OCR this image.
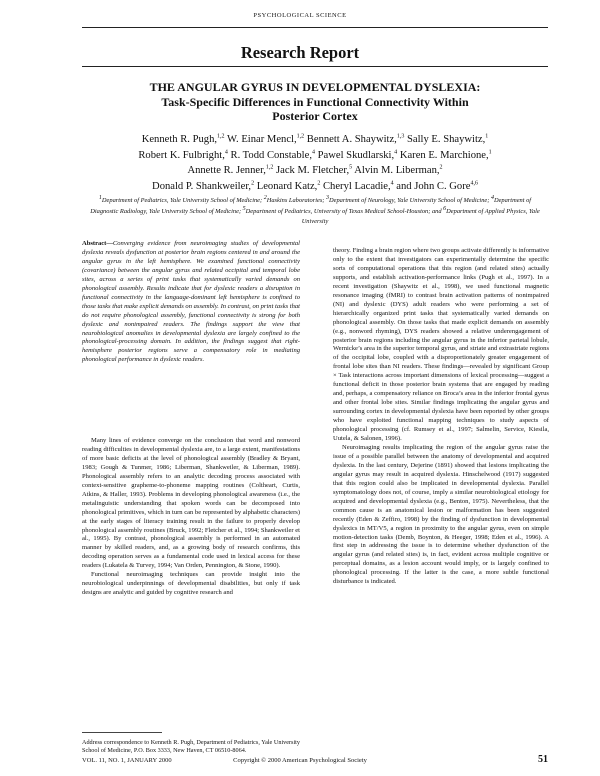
PSYCHOLOGICAL SCIENCE
Research Report
THE ANGULAR GYRUS IN DEVELOPMENTAL DYSLEXIA:
Task-Specific Differences in Functional Connectivity Within
Posterior Cortex
Kenneth R. Pugh,$^{1,2}$ W. Einar Mencl,$^{1,2}$ Bennett A. Shaywitz,$^{1,3}$ Sally E. Shaywitz,$^1$
Robert K. Fulbright,$^4$ R. Todd Constable,$^4$ Pawel Skudlarski,$^4$ Karen E. Marchione,$^1$
Annette R. Jenner,$^{1,2}$ Jack M. Fletcher,$^5$ Alvin M. Liberman,$^2$
Donald P. Shankweiler,$^2$ Leonard Katz,$^2$ Cheryl Lacadie,$^4$ and John C. Gore$^{4,6}$
$^1$Department of Pediatrics, Yale University School of Medicine; $^2$Haskins Laboratories; $^3$Department of Neurology, Yale University School of Medicine; $^4$Department of Diagnostic Radiology, Yale University School of Medicine; $^5$Department of Pediatrics, University of Texas Medical School-Houston; and $^6$Department of Applied Physics, Yale University

Abstract—Converging evidence from neuroimaging studies of developmental dyslexia reveals dysfunction at posterior brain regions centered in and around the angular gyrus in the left hemisphere. We examined functional connectivity (covariance) between the angular gyrus and related occipital and temporal lobe sites, across a series of print tasks that systematically varied demands on phonological assembly. Results indicate that for dyslexic readers a disruption in functional connectivity in the language-dominant left hemisphere is confined to those tasks that make explicit demands on assembly. In contrast, on print tasks that do not require phonological assembly, functional connectivity is strong for both dyslexic and nonimpaired readers. The findings support the view that neurobiological anomalies in developmental dyslexia are largely confined to the phonological-processing domain. In addition, the findings suggest that right-hemisphere posterior regions serve a compensatory role in mediating phonological performance in dyslexic readers.

Many lines of evidence converge on the conclusion that word and nonword reading difficulties in developmental dyslexia are, to a large extent, manifestations of more basic deficits at the level of phonological assembly (Bradley & Bryant, 1983; Gough & Tunmer, 1986; Liberman, Shankweiler, & Liberman, 1989). Phonological assembly refers to an analytic decoding process associated with context-sensitive grapheme-to-phoneme mapping routines (Coltheart, Curtis, Atkins, & Haller, 1993). Problems in developing phonological awareness (i.e., the metalinguistic understanding that spoken words can be decomposed into phonological primitives, which in turn can be represented by alphabetic characters) at the early stages of literacy training result in the failure to properly develop phonological assembly routines (Bruck, 1992; Fletcher et al., 1994; Shankweiler et al., 1995). By contrast, phonological assembly is performed in an automated manner by skilled readers, and, as a growing body of research confirms, this decoding operation serves as a fundamental code used in lexical access for these readers (Lukatela & Turvey, 1994; Van Orden, Pennington, & Stone, 1990).

Functional neuroimaging techniques can provide insight into the neurobiological underpinnings of developmental disabilities, but only if task designs are analytic and guided by cognitive research and

Address correspondence to Kenneth R. Pugh, Department of Pediatrics, Yale University School of Medicine, P.O. Box 3333, New Haven, CT 06510-8064.

theory. Finding a brain region where two groups activate differently is informative only to the extent that investigators can experimentally determine the specific sorts of computational operations that this region (and related sites) actually supports, and establish activation-performance links (Pugh et al., 1997). In a recent investigation (Shaywitz et al., 1998), we used functional magnetic resonance imaging (fMRI) to contrast brain activation patterns of nonimpaired (NI) and dyslexic (DYS) adult readers who were performing a set of hierarchically organized print tasks that systematically varied demands on phonological assembly. On those tasks that made explicit demands on assembly (e.g., nonword rhyming), DYS readers showed a relative underengagement of posterior brain regions including the angular gyrus in the inferior parietal lobule, Wernicke’s area in the superior temporal gyrus, and striate and extrastriate regions of the occipital lobe, coupled with a disproportionately greater engagement of frontal lobe sites than NI readers. These findings—revealed by significant Group × Task interactions across important dimensions of lexical processing—suggest a functional deficit in those posterior brain systems that are engaged by reading and, perhaps, a compensatory reliance on Broca’s area in the inferior frontal gyrus and other frontal lobe sites. Similar findings implicating the angular gyrus and surrounding cortex in developmental dyslexia have been reported by other groups who have exploited functional mapping techniques to study aspects of phonological processing (cf. Rumsey et al., 1997; Salmelin, Service, Kiesila, Uutela, & Salonen, 1996).

Neuroimaging results implicating the region of the angular gyrus raise the issue of a possible parallel between the anatomy of developmental and acquired dyslexia. In the last century, Dejerine (1891) showed that lesions implicating the angular gyrus may result in acquired dyslexia. Hinschelwood (1917) suggested that this region could also be implicated in developmental dyslexia. Parallel symptomatology does not, of course, imply a similar neurobiological etiology for acquired and developmental dyslexia (e.g., Benton, 1975). Nevertheless, that the common cause is an anatomical lesion or malformation has been suggested recently (Eden & Zeffiro, 1998) by the finding of dysfunction in developmental dyslexics in MT/V5, a region in proximity to the angular gyrus, even on simple motion-detection tasks (Demb, Boynton, & Heeger, 1998; Eden et al., 1996). A first step in addressing the issue is to determine whether dysfunction of the angular gyrus (and related sites) is, in fact, evident across multiple cognitive or perceptual domains, as a lesion account would imply, or is largely confined to phonological processing. If the latter is the case, a more subtle functional disturbance is indicated.

VOL. 11, NO. 1, JANUARY 2000	Copyright © 2000 American Psychological Society	51
